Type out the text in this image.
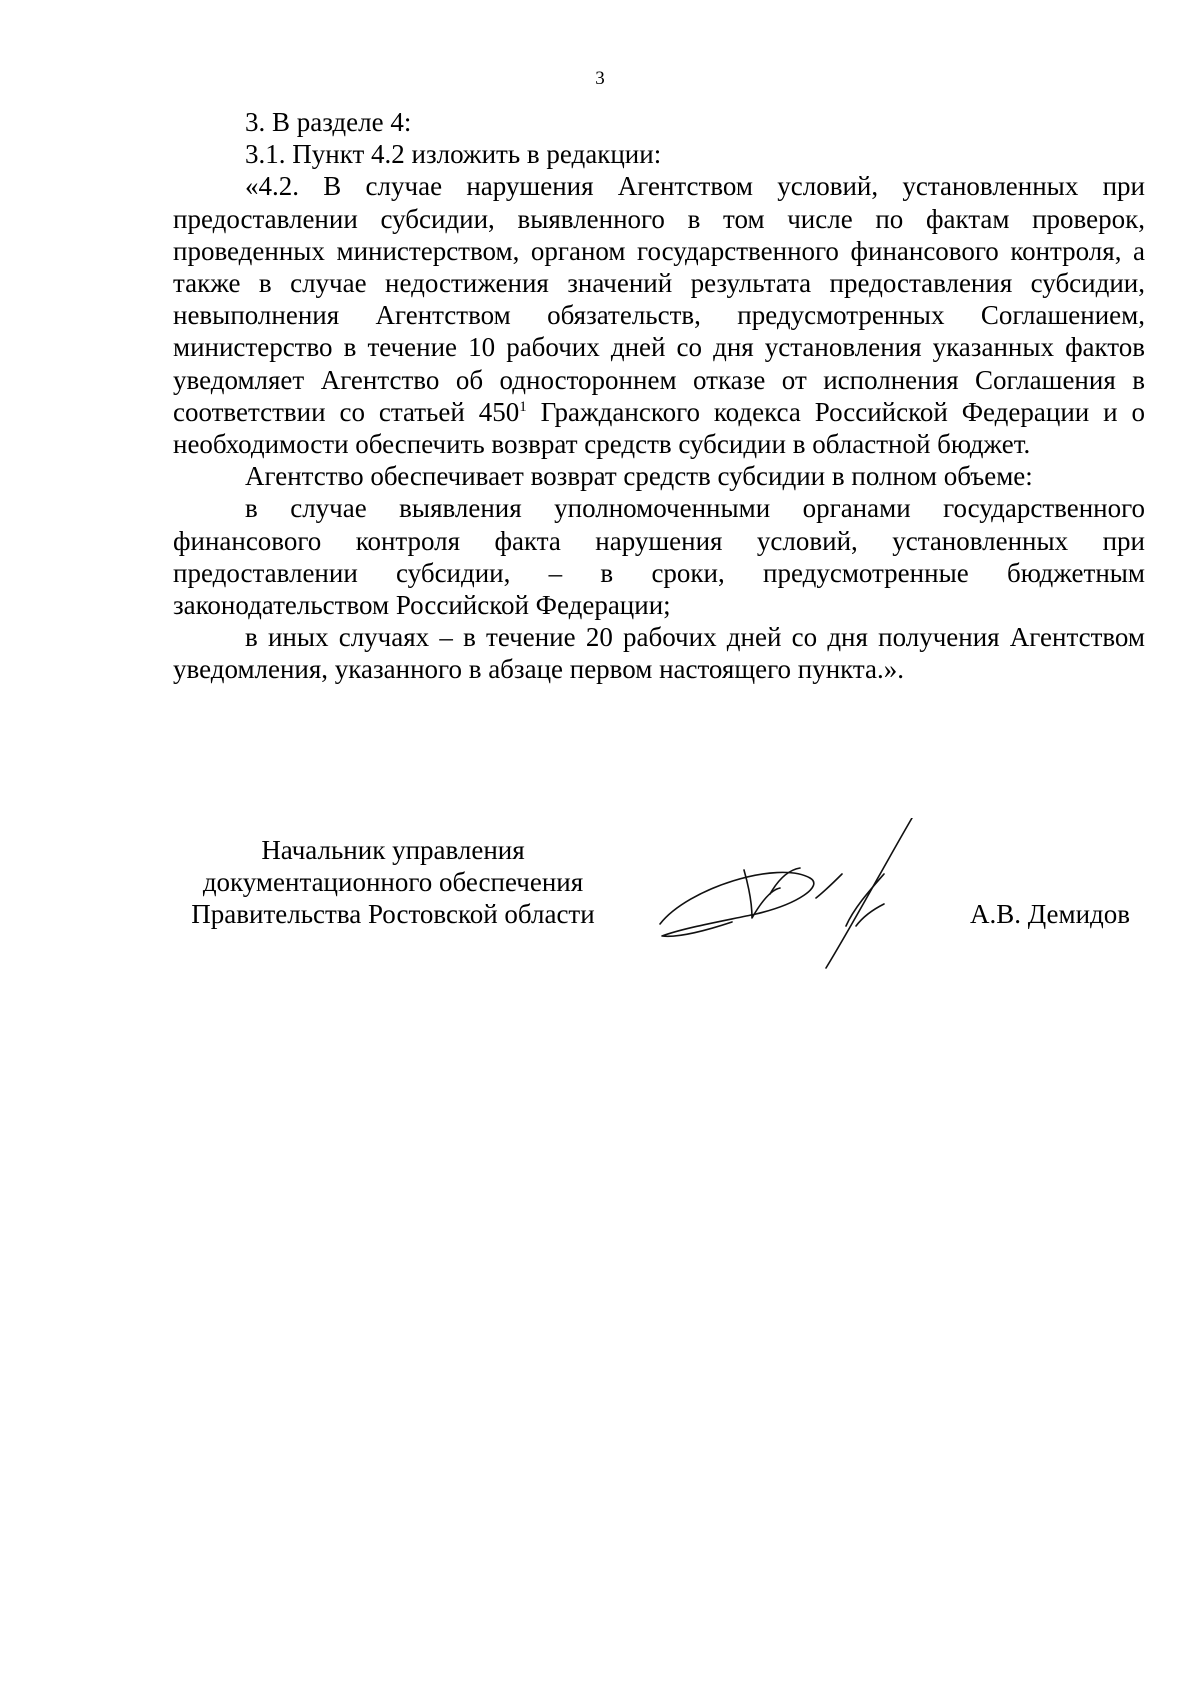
3

3. В разделе 4:

3.1. Пункт 4.2 изложить в редакции:

«4.2. В случае нарушения Агентством условий, установленных при предоставлении субсидии, выявленного в том числе по фактам проверок, проведенных министерством, органом государственного финансового контроля, а также в случае недостижения значений результата предоставления субсидии, невыполнения Агентством обязательств, предусмотренных Соглашением, министерство в течение 10 рабочих дней со дня установления указанных фактов уведомляет Агентство об одностороннем отказе от исполнения Соглашения в соответствии со статьей $450^1$ Гражданского кодекса Российской Федерации и о необходимости обеспечить возврат средств субсидии в областной бюджет.

Агентство обеспечивает возврат средств субсидии в полном объеме:

в случае выявления уполномоченными органами государственного финансового контроля факта нарушения условий, установленных при предоставлении субсидии, – в сроки, предусмотренные бюджетным законодательством Российской Федерации;

в иных случаях – в течение 20 рабочих дней со дня получения Агентством уведомления, указанного в абзаце первом настоящего пункта.».

Начальник управления
документационного обеспечения
Правительства Ростовской области	А.В. Демидов
